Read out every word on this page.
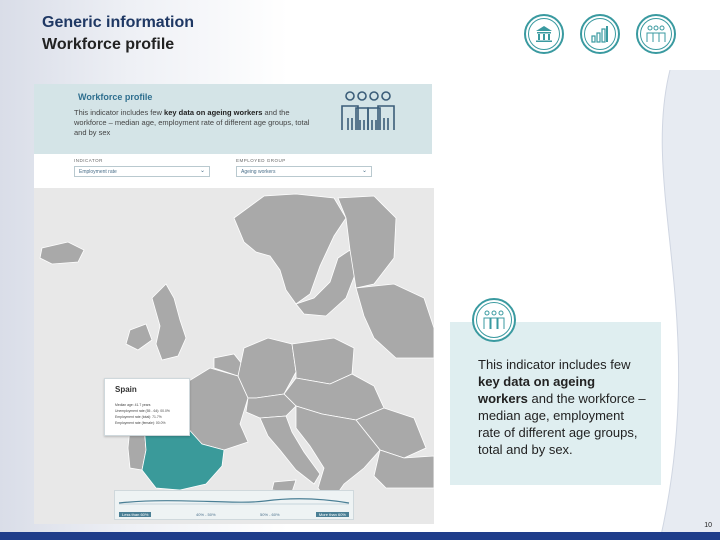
Generic information
Workforce profile
Workforce profile
This indicator includes few key data on ageing workers and the workforce – median age, employment rate of different age groups, total and by sex
INDICATOR
Employment rate	⌄
EMPLOYED GROUP
Ageing workers	⌄
Spain
Median age: 41.7 years
Unemployment rate (55 - 64): 00.0%
Employment rate (total): 71.7%
Employment rate (female): 00.0%
Less than 60%	40% - 50%	50% - 60%	More than 60%
This indicator includes few key data on ageing workers and the workforce – median age, employment rate of different age groups, total and by sex.
10
